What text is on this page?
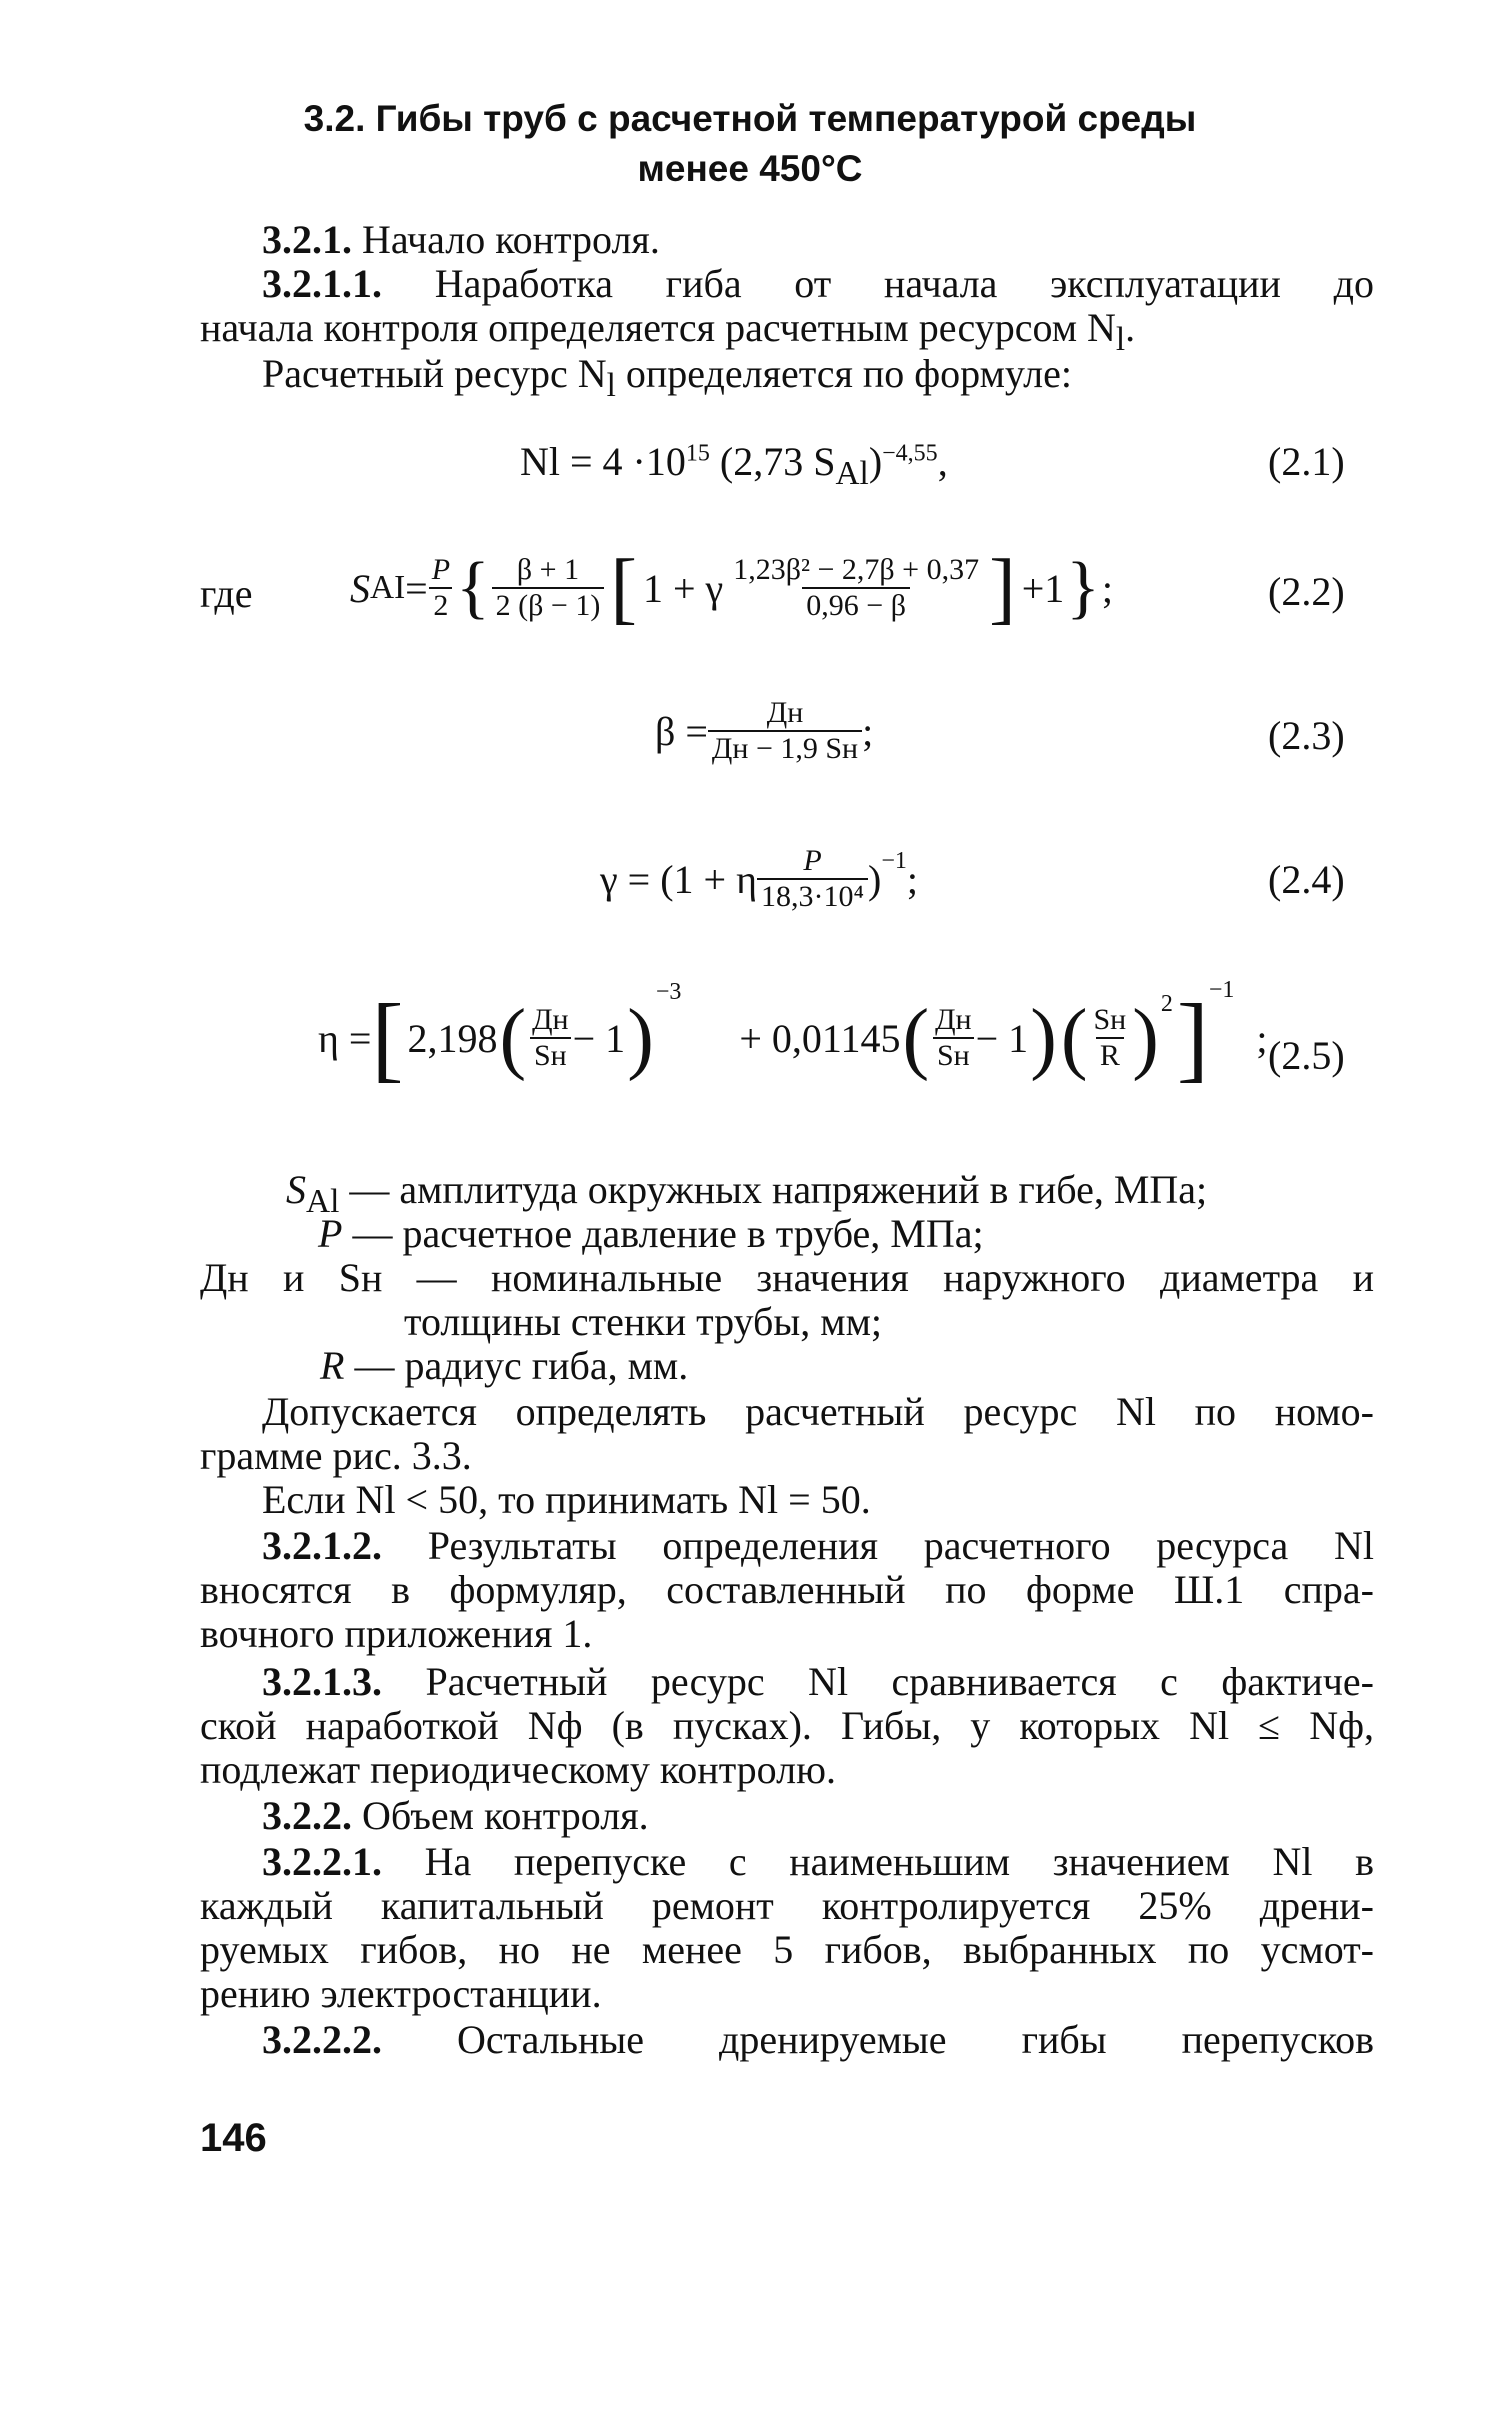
3.2. Гибы труб с расчетной температурой среды
менее 450°С
3.2.1. Начало контроля.
3.2.1.1. Наработка гиба от начала эксплуатации до
начала контроля определяется расчетным ресурсом $N_l$.
Расчетный ресурс $N_l$ определяется по формуле:
$Nl = 4 \cdot 10^{15}$ (2,73 $S_{Al})^{-4,55}$,	(2.1)
где S AI = $\frac{P}{2}$ { $\frac{\beta + 1}{2 (\beta - 1)}$ [ 1 + γ $\frac{\text{1,23β² − 2,7β + 0,37}}{0,96 - \beta}$ ] +1 } ;	(2.2)
$\beta = \frac{Дн}{Дн - 1,9 Sн}$ ;	(2.3)
γ = (1 + η $\frac{P}{\text{18,3·10⁴}} )^{-1}$ ;	(2.4)
η = [ 2,198 ( $\frac{Дн}{Sн} - 1$ )
$^{-3}$
+ 0,01145 ( $\frac{Дн}{Sн} - 1$ ) ( $\frac{Sн}{R} )^2$ ]$^{-1}$
; (2.5)
$S_{Al}$ — амплитуда окружных напряжений в гибе, МПа;
P — расчетное давление в трубе, МПа;
Дн и Sн — номинальные значения наружного диаметра и
толщины стенки трубы, мм;
R — радиус гиба, мм.
Допускается определять расчетный ресурс Nl по номо-
грамме рис. 3.3.
Если Nl < 50, то принимать Nl = 50.
3.2.1.2. Результаты определения расчетного ресурса Nl
вносятся в формуляр, составленный по форме Ш.1 спра-
вочного приложения 1.
3.2.1.3. Расчетный ресурс Nl сравнивается с фактиче-
ской наработкой Nф (в пусках). Гибы, у которых Nl ≤ Nф,
подлежат периодическому контролю.
3.2.2. Объем контроля.
3.2.2.1. На перепуске с наименьшим значением Nl в
каждый капитальный ремонт контролируется 25% дрени-
руемых гибов, но не менее 5 гибов, выбранных по усмот-
рению электростанции.
3.2.2.2. Остальные дренируемые гибы перепусков
146
